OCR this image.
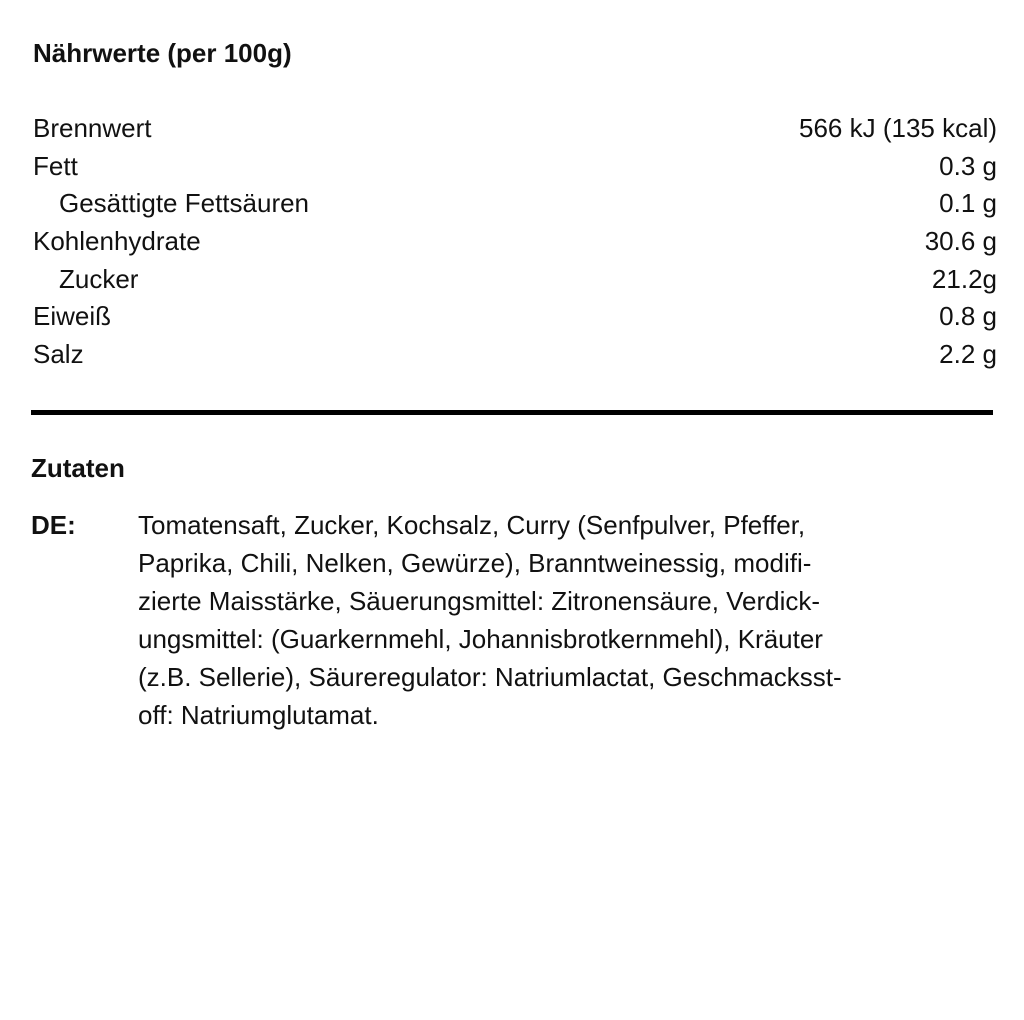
Nährwerte (per 100g)
Brennwert	566 kJ (135 kcal)
Fett	0.3 g
Gesättigte Fettsäuren	0.1 g
Kohlenhydrate	30.6 g
Zucker	21.2g
Eiweiß	0.8 g
Salz	2.2 g
Zutaten
DE:	Tomatensaft, Zucker, Kochsalz, Curry (Senfpulver, Pfeffer,
Paprika, Chili, Nelken, Gewürze), Branntweinessig, modifi-
zierte Maisstärke, Säuerungsmittel: Zitronensäure, Verdick-
ungsmittel: (Guarkernmehl, Johannisbrotkernmehl), Kräuter
(z.B. Sellerie), Säureregulator: Natriumlactat, Geschmacksst-
off: Natriumglutamat.
